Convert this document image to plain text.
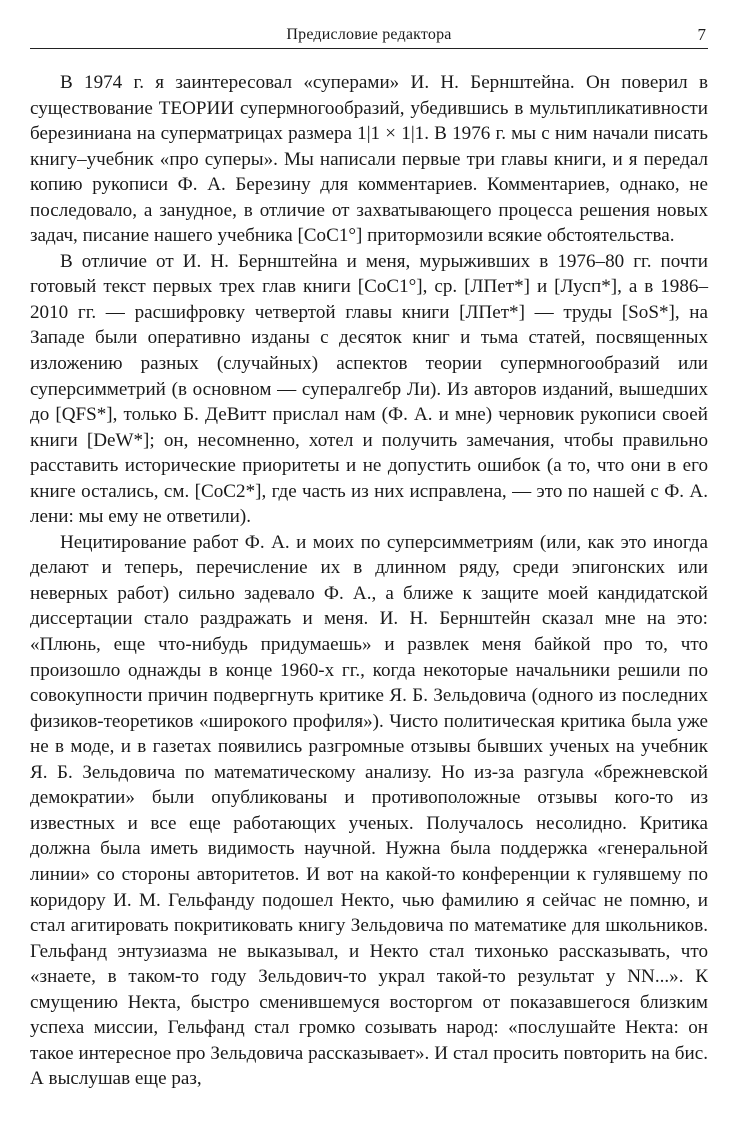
Предисловие редактора	7

В 1974 г. я заинтересовал «суперами» И. Н. Бернштейна. Он поверил в существование ТЕОРИИ супермногообразий, убедившись в мультипликативности березиниана на суперматрицах размера 1|1 × 1|1. В 1976 г. мы с ним начали писать книгу–учебник «про суперы». Мы написали первые три главы книги, и я передал копию рукописи Ф. А. Березину для комментариев. Комментариев, однако, не последовало, а занудное, в отличие от захватывающего процесса решения новых задач, писание нашего учебника [CoC1°] притормозили всякие обстоятельства.

В отличие от И. Н. Бернштейна и меня, мурыживших в 1976–80 гг. почти готовый текст первых трех глав книги [CoC1°], ср. [ЛПет*] и [Лусп*], а в 1986–2010 гг. — расшифровку четвертой главы книги [ЛПет*] — труды [SoS*], на Западе были оперативно изданы с десяток книг и тьма статей, посвященных изложению разных (случайных) аспектов теории супермногообразий или суперсимметрий (в основном — суперaлгебр Ли). Из авторов изданий, вышедших до [QFS*], только Б. ДеВитт прислал нам (Ф. А. и мне) черновик рукописи своей книги [DeW*]; он, несомненно, хотел и получить замечания, чтобы правильно расставить исторические приоритеты и не допустить ошибок (а то, что они в его книге остались, см. [CoC2*], где часть из них исправлена, — это по нашей с Ф. А. лени: мы ему не ответили).

Нецитирование работ Ф. А. и моих по суперсимметриям (или, как это иногда делают и теперь, перечисление их в длинном ряду, среди эпигонских или неверных работ) сильно задевало Ф. А., а ближе к защите моей кандидатской диссертации стало раздражать и меня. И. Н. Бернштейн сказал мне на это: «Плюнь, еще что-нибудь придумаешь» и развлек меня байкой про то, что произошло однажды в конце 1960-х гг., когда некоторые начальники решили по совокупности причин подвергнуть критике Я. Б. Зельдовича (одного из последних физиков-теоретиков «широкого профиля»). Чисто политическая критика была уже не в моде, и в газетах появились разгромные отзывы бывших ученых на учебник Я. Б. Зельдовича по математическому анализу. Но из-за разгула «брежневской демократии» были опубликованы и противоположные отзывы кого-то из известных и все еще работающих ученых. Получалось несолидно. Критика должна была иметь видимость научной. Нужна была поддержка «генеральной линии» со стороны авторитетов. И вот на какой-то конференции к гулявшему по коридору И. М. Гельфанду подошел Некто, чью фамилию я сейчас не помню, и стал агитировать покритиковать книгу Зельдовича по математике для школьников. Гельфанд энтузиазма не выказывал, и Некто стал тихонько рассказывать, что «знаете, в таком-то году Зельдович-то украл такой-то результат у NN...». К смущению Некта, быстро сменившемуся восторгом от показавшегося близким успеха миссии, Гельфанд стал громко созывать народ: «послушайте Некта: он такое интересное про Зельдовича рассказывает». И стал просить повторить на бис. А выслушав еще раз,
